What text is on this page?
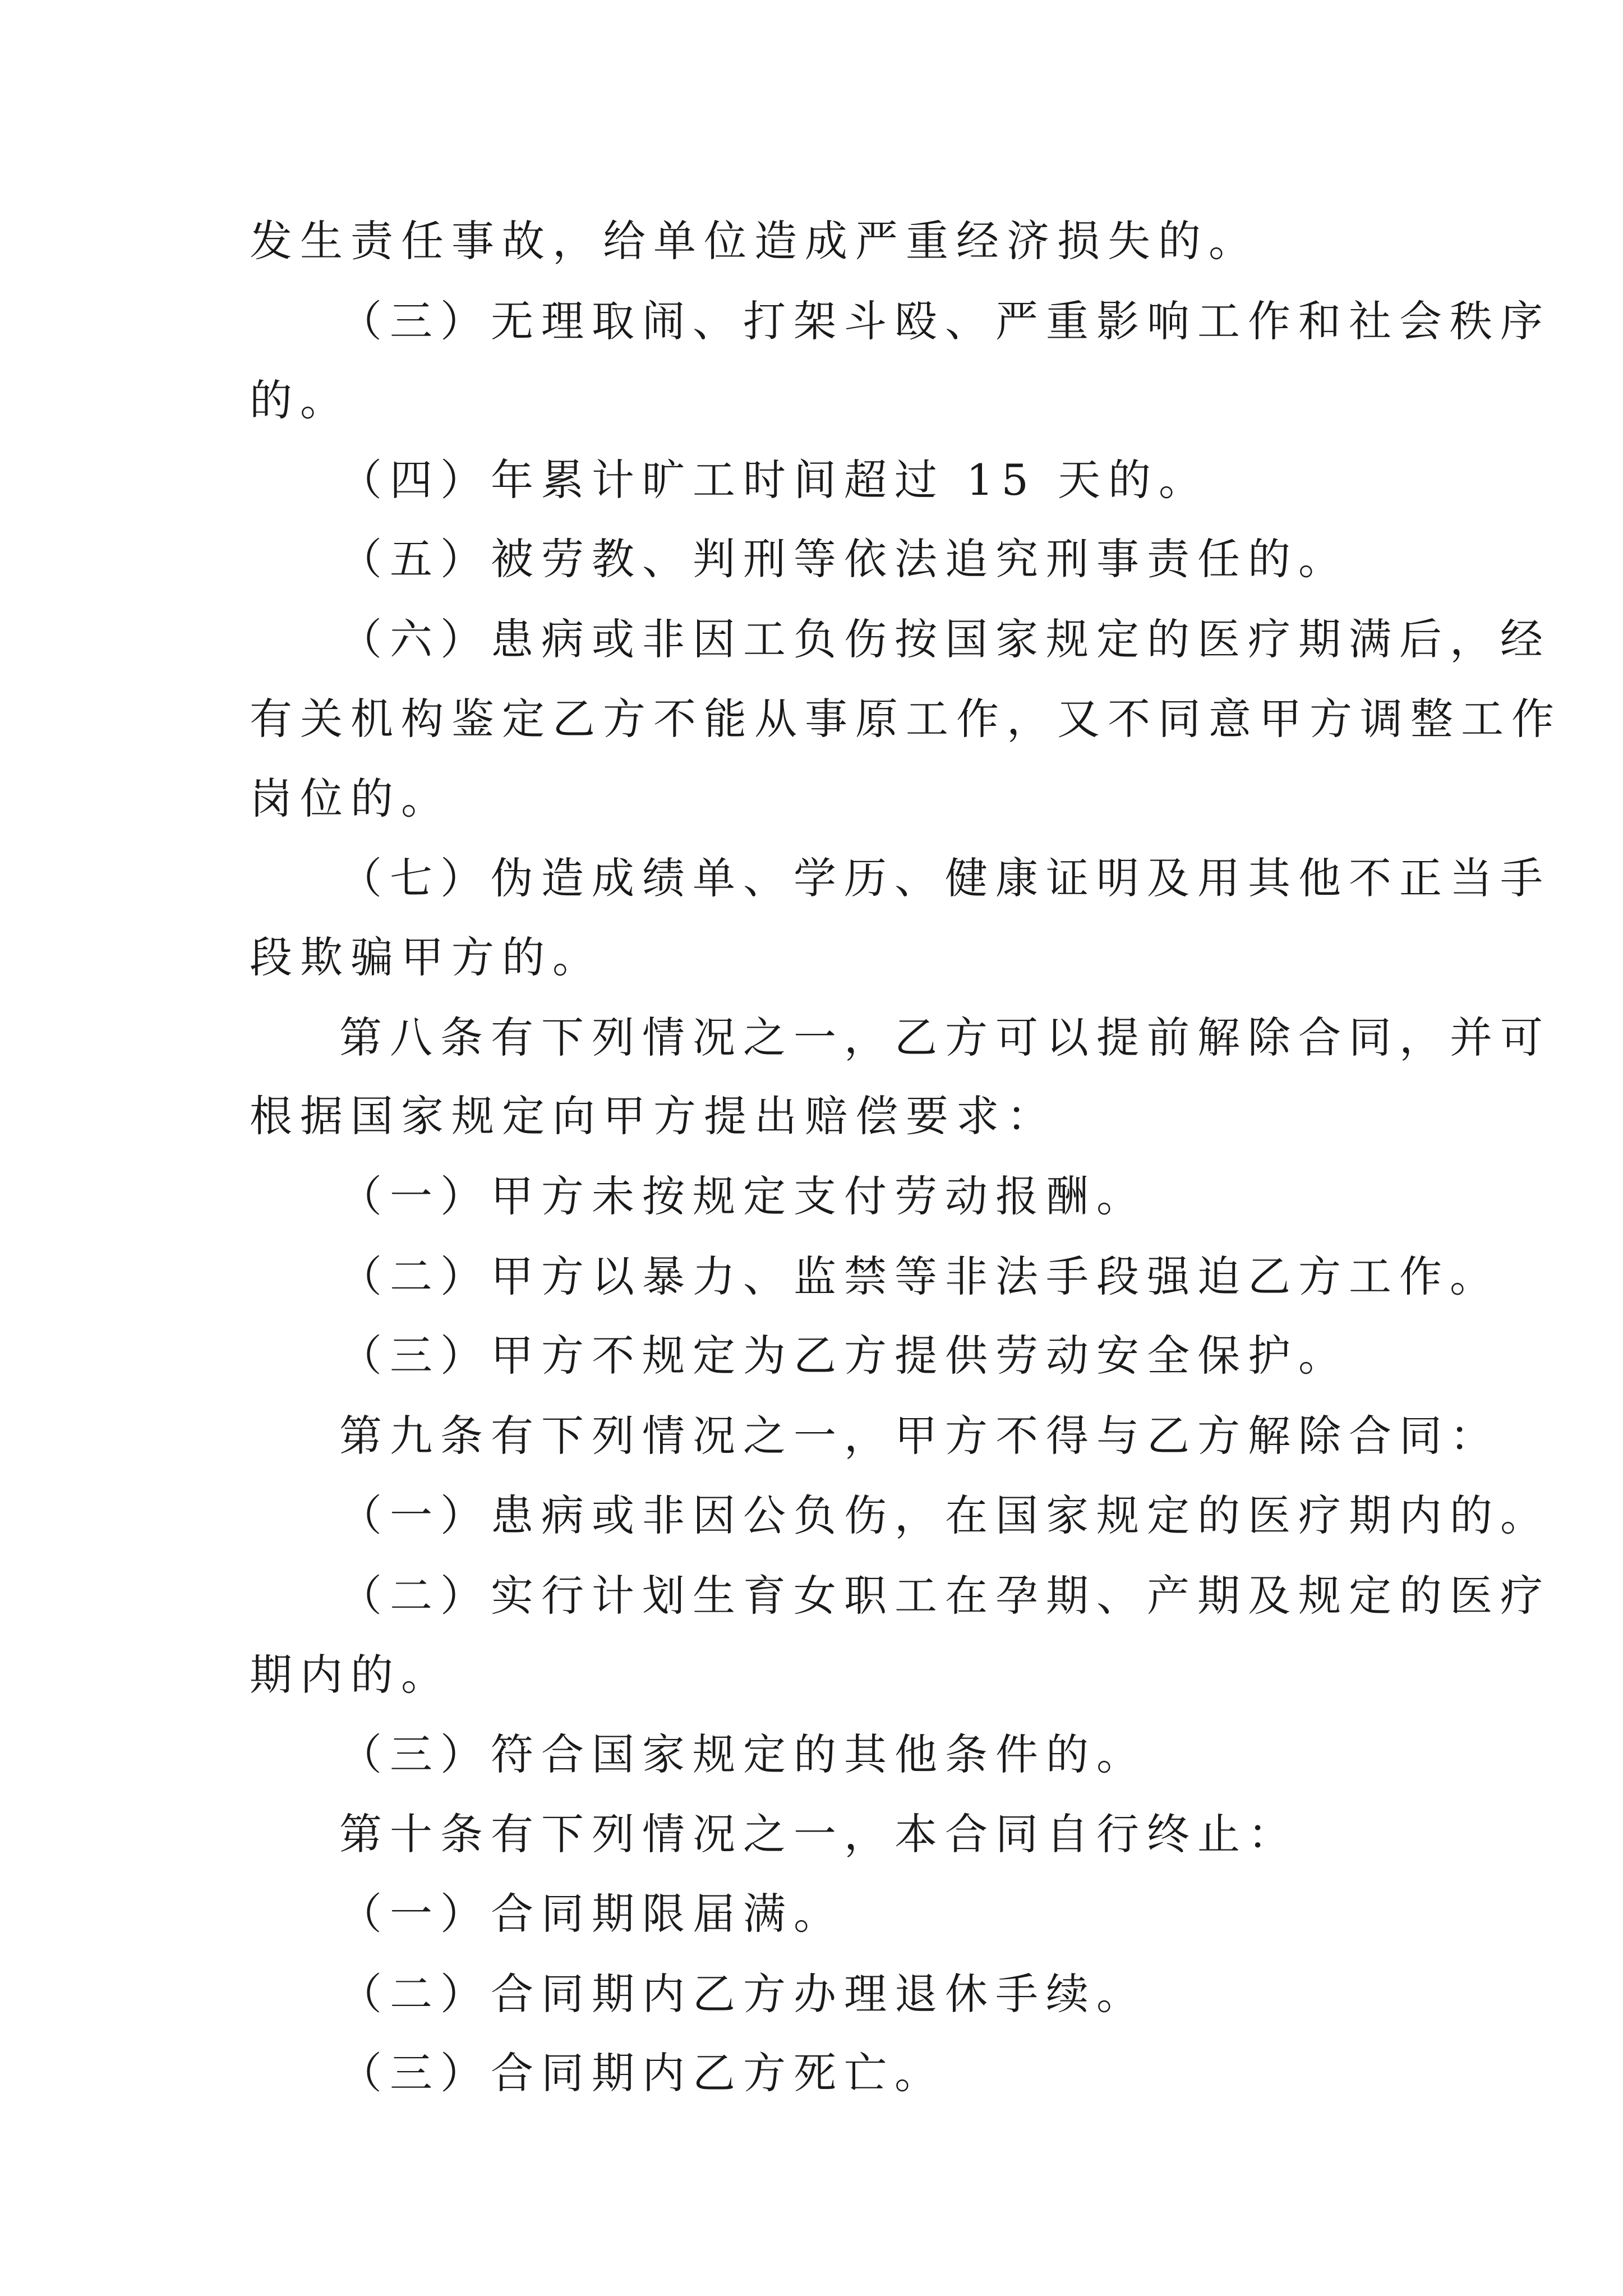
发生责任事故，给单位造成严重经济损失的。
（三）无理取闹、打架斗殴、严重影响工作和社会秩序
的。
（四）年累计旷工时间超过 15 天的。
（五）被劳教、判刑等依法追究刑事责任的。
（六）患病或非因工负伤按国家规定的医疗期满后，经
有关机构鉴定乙方不能从事原工作，又不同意甲方调整工作
岗位的。
（七）伪造成绩单、学历、健康证明及用其他不正当手
段欺骗甲方的。
第八条有下列情况之一，乙方可以提前解除合同，并可
根据国家规定向甲方提出赔偿要求：
（一）甲方未按规定支付劳动报酬。
（二）甲方以暴力、监禁等非法手段强迫乙方工作。
（三）甲方不规定为乙方提供劳动安全保护。
第九条有下列情况之一，甲方不得与乙方解除合同：
（一）患病或非因公负伤，在国家规定的医疗期内的。
（二）实行计划生育女职工在孕期、产期及规定的医疗
期内的。
（三）符合国家规定的其他条件的。
第十条有下列情况之一，本合同自行终止：
（一）合同期限届满。
（二）合同期内乙方办理退休手续。
（三）合同期内乙方死亡。
